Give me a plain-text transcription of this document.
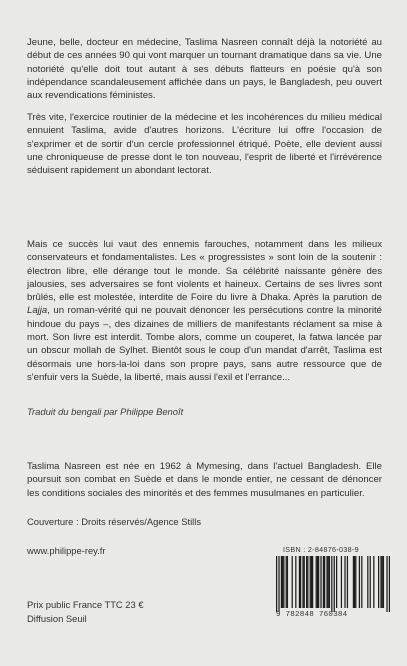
Jeune, belle, docteur en médecine, Taslima Nasreen connaît déjà la notoriété au début de ces années 90 qui vont marquer un tournant dramatique dans sa vie. Une notoriété qu'elle doit tout autant à ses débuts flatteurs en poésie qu'à son indépendance scandaleusement affichée dans un pays, le Bangladesh, peu ouvert aux revendications féministes.

Très vite, l'exercice routinier de la médecine et les incohérences du milieu médical ennuient Taslima, avide d'autres horizons. L'écriture lui offre l'occasion de s'exprimer et de sortir d'un cercle professionnel étriqué. Poète, elle devient aussi une chroniqueuse de presse dont le ton nouveau, l'esprit de liberté et l'irrévérence séduisent rapidement un abondant lectorat.

Mais ce succès lui vaut des ennemis farouches, notamment dans les milieux conservateurs et fondamentalistes. Les « progressistes » sont loin de la soutenir : électron libre, elle dérange tout le monde. Sa célébrité naissante génère des jalousies, ses adversaires se font violents et haineux. Certains de ses livres sont brûlés, elle est molestée, interdite de Foire du livre à Dhaka. Après la parution de Lajja, un roman-vérité qui ne pouvait dénoncer les persécutions contre la minorité hindoue du pays –, des dizaines de milliers de manifestants réclament sa mise à mort. Son livre est interdit. Tombe alors, comme un couperet, la fatwa lancée par un obscur mollah de Sylhet. Bientôt sous le coup d'un mandat d'arrêt, Taslima est désormais une hors-la-loi dans son propre pays, sans autre ressource que de s'enfuir vers la Suède, la liberté, mais aussi l'exil et l'errance...

Traduit du bengali par Philippe Benoît

Taslima Nasreen est née en 1962 à Mymesing, dans l'actuel Bangladesh. Elle poursuit son combat en Suède et dans le monde entier, ne cessant de dénoncer les conditions sociales des minorités et des femmes musulmanes en particulier.

Couverture : Droits réservés/Agence Stills

www.philippe-rey.fr	ISBN : 2-84876-038-9

9 782848 760384

Prix public France TTC 23 €
Diffusion Seuil
